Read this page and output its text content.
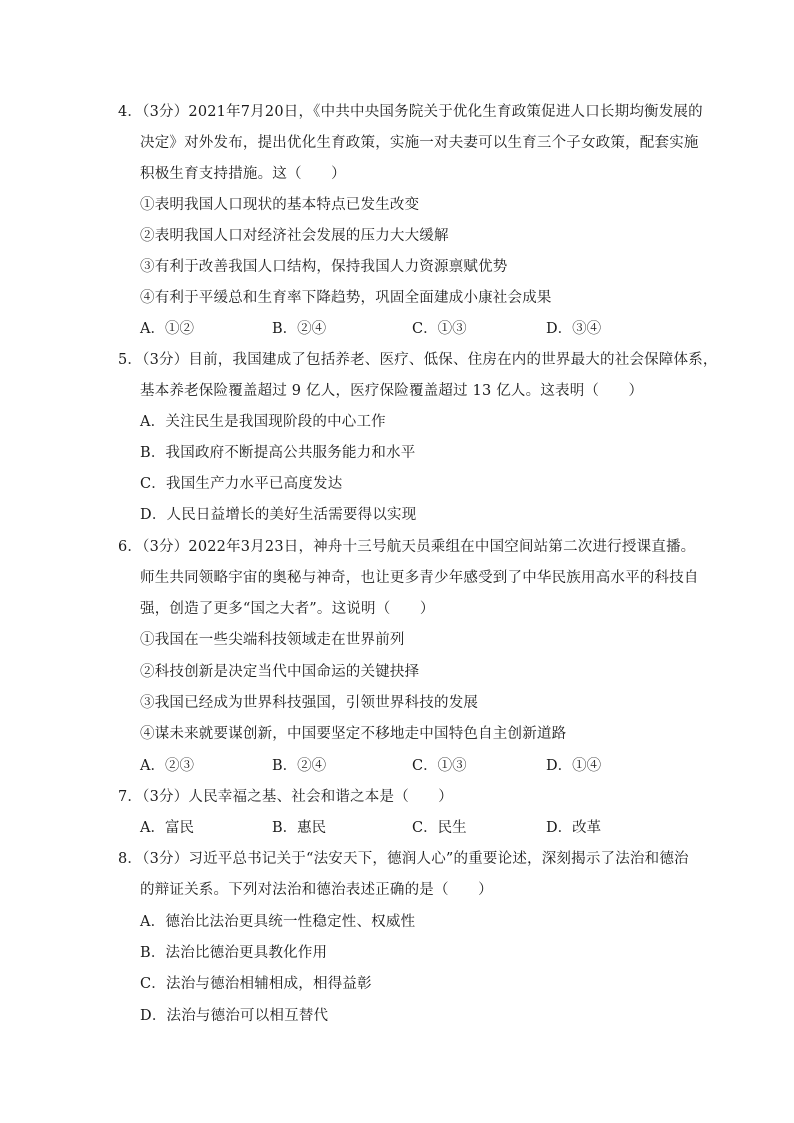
4．（3分）2021年7月20日，《中共中央国务院关于优化生育政策促进人口长期均衡发展的
决定》对外发布，提出优化生育政策，实施一对夫妻可以生育三个子女政策，配套实施
积极生育支持措施。这（　　）
①表明我国人口现状的基本特点已发生改变
②表明我国人口对经济社会发展的压力大大缓解
③有利于改善我国人口结构，保持我国人力资源禀赋优势
④有利于平缓总和生育率下降趋势，巩固全面建成小康社会成果
A．①②	B．②④	C．①③	D．③④
5．（3分）目前，我国建成了包括养老、医疗、低保、住房在内的世界最大的社会保障体系，
基本养老保险覆盖超过 9 亿人，医疗保险覆盖超过 13 亿人。这表明（　　）
A．关注民生是我国现阶段的中心工作
B．我国政府不断提高公共服务能力和水平
C．我国生产力水平已高度发达
D．人民日益增长的美好生活需要得以实现
6．（3分）2022年3月23日，神舟十三号航天员乘组在中国空间站第二次进行授课直播。
师生共同领略宇宙的奥秘与神奇，也让更多青少年感受到了中华民族用高水平的科技自
强，创造了更多“国之大者”。这说明（　　）
①我国在一些尖端科技领域走在世界前列
②科技创新是决定当代中国命运的关键抉择
③我国已经成为世界科技强国，引领世界科技的发展
④谋未来就要谋创新，中国要坚定不移地走中国特色自主创新道路
A．②③	B．②④	C．①③	D．①④
7．（3分）人民幸福之基、社会和谐之本是（　　）
A．富民	B．惠民	C．民生	D．改革
8．（3分）习近平总书记关于“法安天下，德润人心”的重要论述，深刻揭示了法治和德治
的辩证关系。下列对法治和德治表述正确的是（　　）
A．德治比法治更具统一性稳定性、权威性
B．法治比德治更具教化作用
C．法治与德治相辅相成，相得益彰
D．法治与德治可以相互替代
